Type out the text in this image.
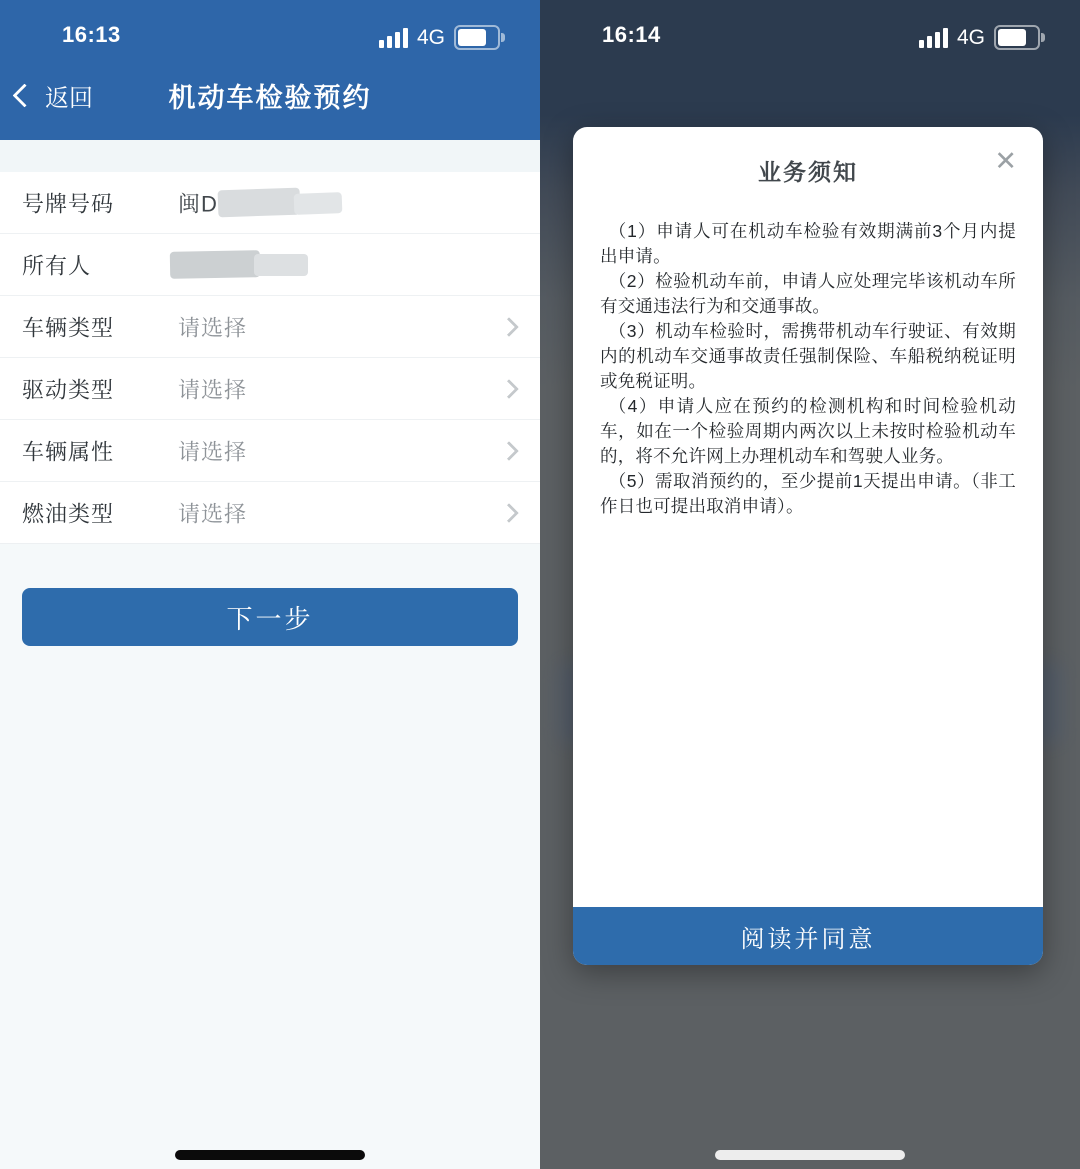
16:13	4G
返回	机动车检验预约
号牌号码	闽D
所有人
车辆类型	请选择
驱动类型	请选择
车辆属性	请选择
燃油类型	请选择
下一步
16:14	4G
业务须知	✕

（1）申请人可在机动车检验有效期满前3个月内提出申请。

（2）检验机动车前，申请人应处理完毕该机动车所有交通违法行为和交通事故。

（3）机动车检验时，需携带机动车行驶证、有效期内的机动车交通事故责任强制保险、车船税纳税证明或免税证明。

（4）申请人应在预约的检测机构和时间检验机动车，如在一个检验周期内两次以上未按时检验机动车的，将不允许网上办理机动车和驾驶人业务。

（5）需取消预约的，至少提前1天提出申请。（非工作日也可提出取消申请）。

阅读并同意
